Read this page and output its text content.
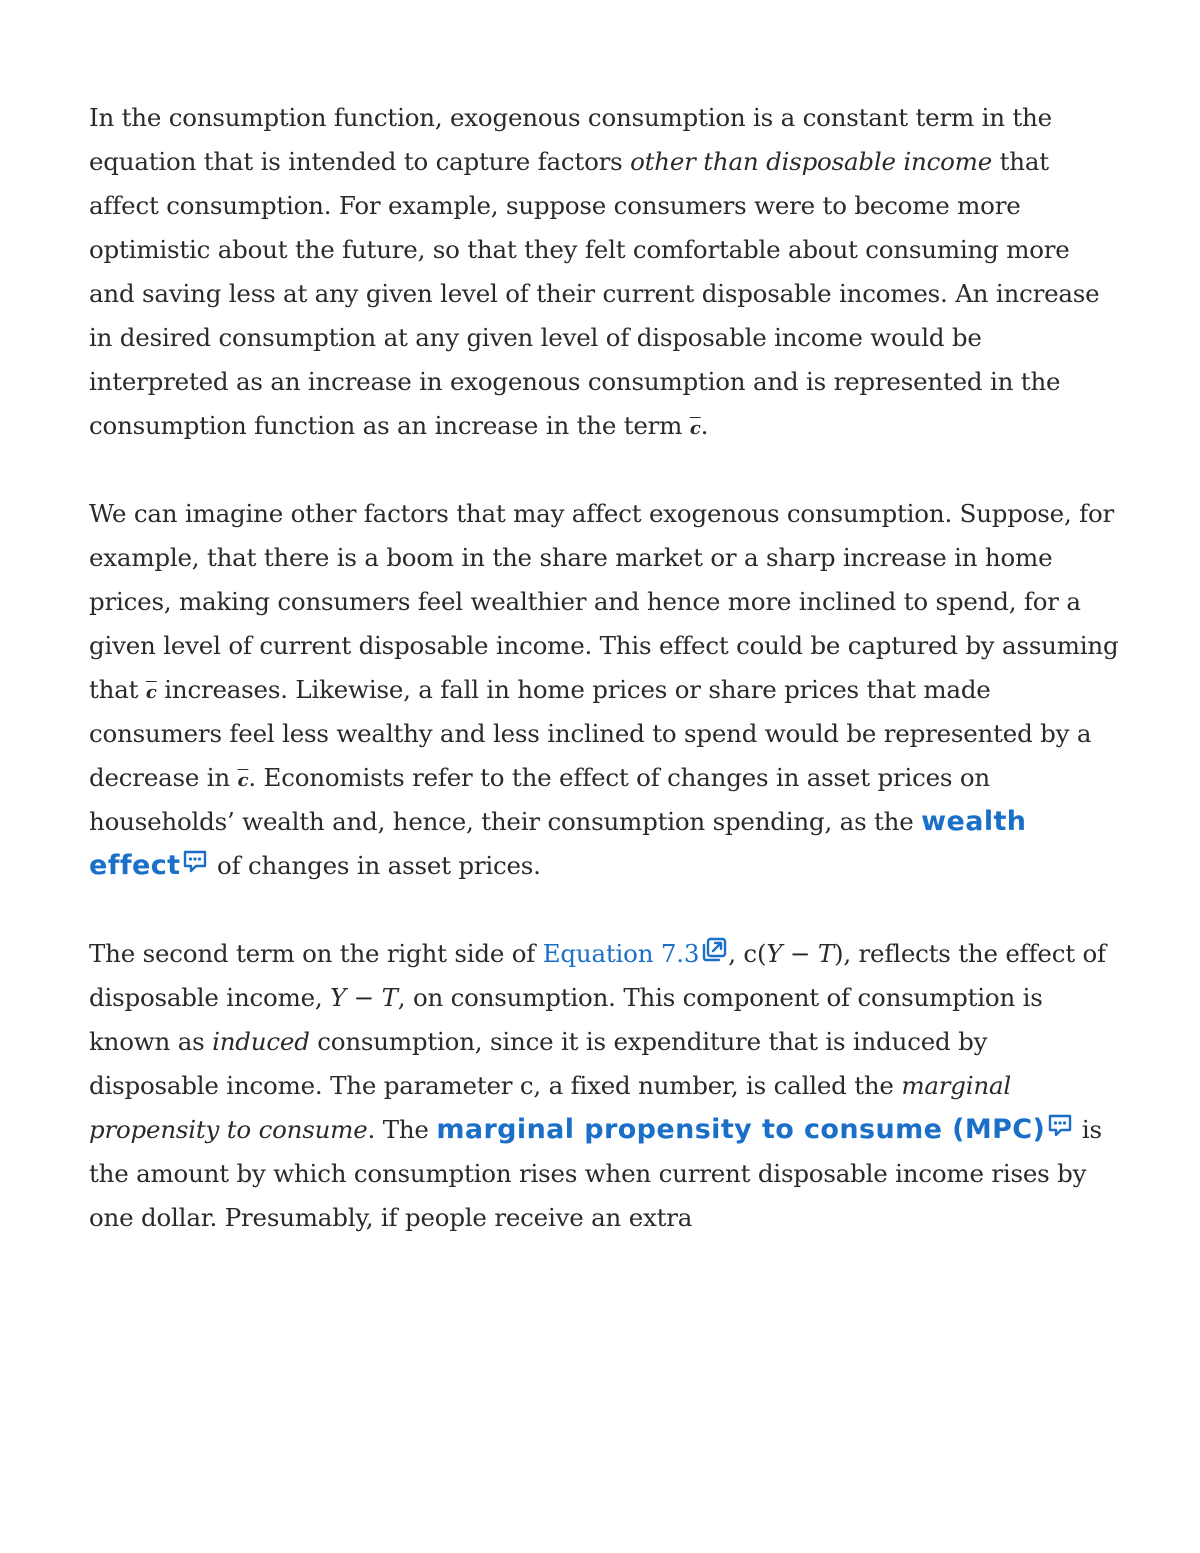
In the consumption function, exogenous consumption is a constant term in the equation that is intended to capture factors other than disposable income that affect consumption. For example, suppose consumers were to become more optimistic about the future, so that they felt comfortable about consuming more and saving less at any given level of their current disposable incomes. An increase in desired consumption at any given level of disposable income would be interpreted as an increase in exogenous consumption and is represented in the consumption function as an increase in the term $\overline{c}$.

We can imagine other factors that may affect exogenous consumption. Suppose, for example, that there is a boom in the share market or a sharp increase in home prices, making consumers feel wealthier and hence more inclined to spend, for a given level of current disposable income. This effect could be captured by assuming that $\overline{c}$ increases. Likewise, a fall in home prices or share prices that made consumers feel less wealthy and less inclined to spend would be represented by a decrease in $\overline{c}$. Economists refer to the effect of changes in asset prices on households’ wealth and, hence, their consumption spending, as the wealth effect
of changes in asset prices.

The second term on the right side of Equation 7.3 , c(Y − T), reflects the effect of disposable income, Y − T, on consumption. This component of consumption is known as induced consumption, since it is expenditure that is induced by disposable income. The parameter c, a fixed number, is called the marginal propensity to consume. The marginal propensity to consume (MPC)
is the amount by which consumption rises when current disposable income rises by one dollar. Presumably, if people receive an extra
